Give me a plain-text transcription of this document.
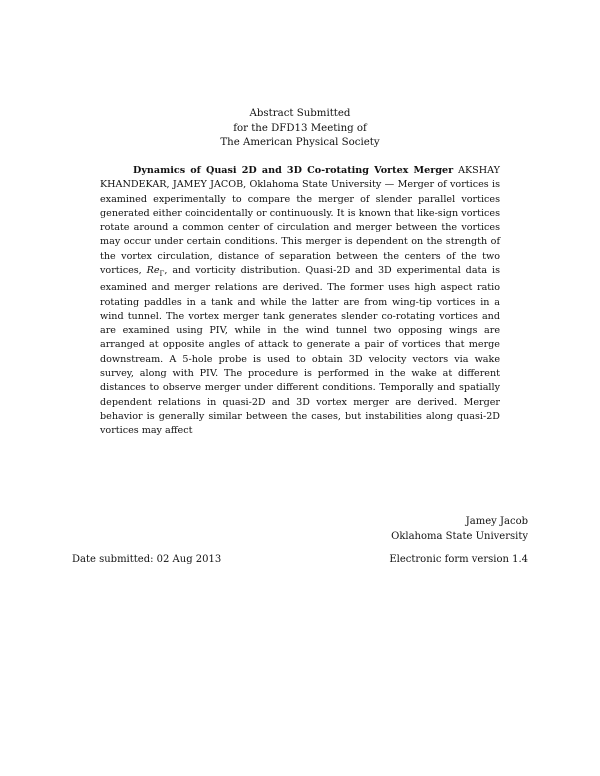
Abstract Submitted
for the DFD13 Meeting of
The American Physical Society
Dynamics of Quasi 2D and 3D Co-rotating Vortex Merger AKSHAY KHANDEKAR, JAMEY JACOB, Oklahoma State University — Merger of vortices is examined experimentally to compare the merger of slender parallel vortices generated either coincidentally or continuously. It is known that like-sign vortices rotate around a common center of circulation and merger between the vortices may occur under certain conditions. This merger is dependent on the strength of the vortex circulation, distance of separation between the centers of the two vortices, $Re_\Gamma$, and vorticity distribution. Quasi-2D and 3D experimental data is examined and merger relations are derived. The former uses high aspect ratio rotating paddles in a tank and while the latter are from wing-tip vortices in a wind tunnel. The vortex merger tank generates slender co-rotating vortices and are examined using PIV, while in the wind tunnel two opposing wings are arranged at opposite angles of attack to generate a pair of vortices that merge downstream. A 5-hole probe is used to obtain 3D velocity vectors via wake survey, along with PIV. The procedure is performed in the wake at different distances to observe merger under different conditions. Temporally and spatially dependent relations in quasi-2D and 3D vortex merger are derived. Merger behavior is generally similar between the cases, but instabilities along quasi-2D vortices may affect
Jamey Jacob
Oklahoma State University
Date submitted: 02 Aug 2013	Electronic form version 1.4
